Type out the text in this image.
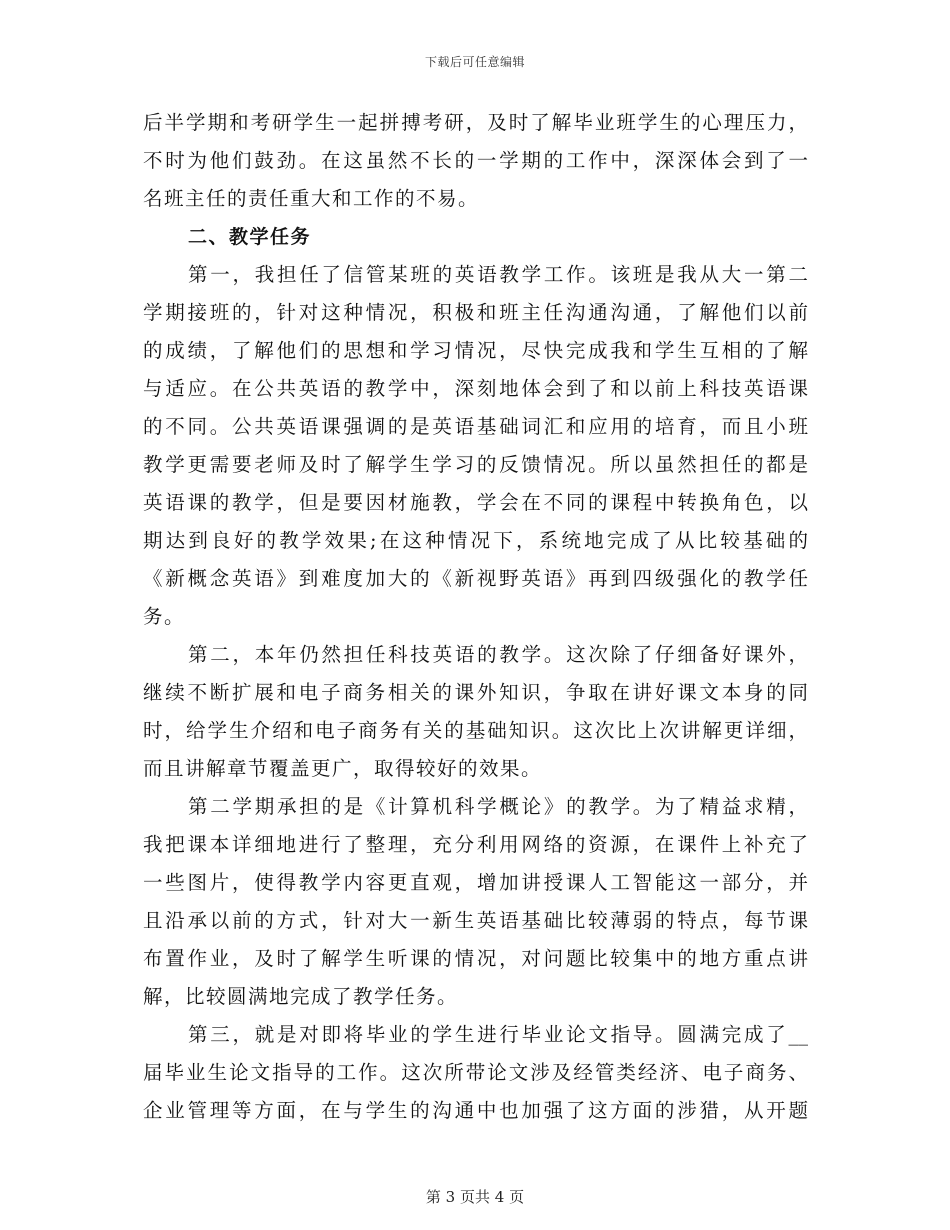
下载后可任意编辑
后半学期和考研学生一起拼搏考研，及时了解毕业班学生的心理压力，
不时为他们鼓劲。在这虽然不长的一学期的工作中，深深体会到了一
名班主任的责任重大和工作的不易。
二、教学任务
第一，我担任了信管某班的英语教学工作。该班是我从大一第二
学期接班的，针对这种情况，积极和班主任沟通沟通，了解他们以前
的成绩，了解他们的思想和学习情况，尽快完成我和学生互相的了解
与适应。在公共英语的教学中，深刻地体会到了和以前上科技英语课
的不同。公共英语课强调的是英语基础词汇和应用的培育，而且小班
教学更需要老师及时了解学生学习的反馈情况。所以虽然担任的都是
英语课的教学，但是要因材施教，学会在不同的课程中转换角色，以
期达到良好的教学效果;在这种情况下，系统地完成了从比较基础的
《新概念英语》到难度加大的《新视野英语》再到四级强化的教学任
务。
第二，本年仍然担任科技英语的教学。这次除了仔细备好课外，
继续不断扩展和电子商务相关的课外知识，争取在讲好课文本身的同
时，给学生介绍和电子商务有关的基础知识。这次比上次讲解更详细，
而且讲解章节覆盖更广，取得较好的效果。
第二学期承担的是《计算机科学概论》的教学。为了精益求精，
我把课本详细地进行了整理，充分利用网络的资源，在课件上补充了
一些图片，使得教学内容更直观，增加讲授课人工智能这一部分，并
且沿承以前的方式，针对大一新生英语基础比较薄弱的特点，每节课
布置作业，及时了解学生听课的情况，对问题比较集中的地方重点讲
解，比较圆满地完成了教学任务。
第三，就是对即将毕业的学生进行毕业论文指导。圆满完成了__
届毕业生论文指导的工作。这次所带论文涉及经管类经济、电子商务、
企业管理等方面，在与学生的沟通中也加强了这方面的涉猎，从开题
第 3 页共 4 页
